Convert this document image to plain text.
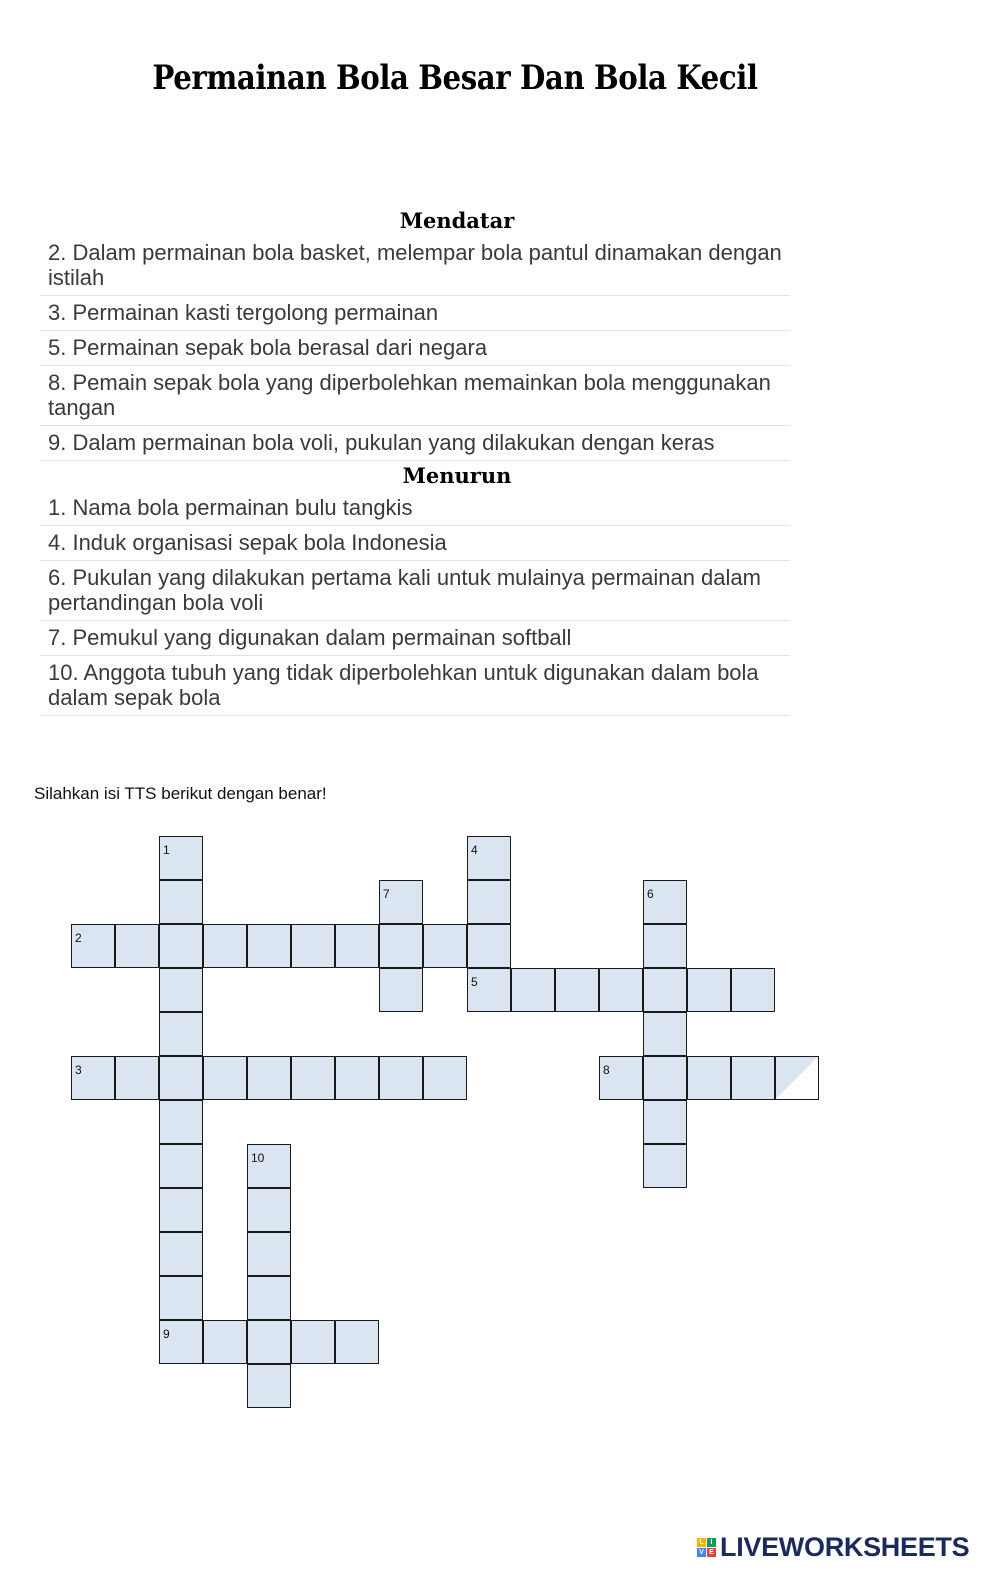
Permainan Bola Besar Dan Bola Kecil
Mendatar
2. Dalam permainan bola basket, melempar bola pantul dinamakan dengan istilah
3. Permainan kasti tergolong permainan
5. Permainan sepak bola berasal dari negara
8. Pemain sepak bola yang diperbolehkan memainkan bola menggunakan tangan
9. Dalam permainan bola voli, pukulan yang dilakukan dengan keras
Menurun
1. Nama bola permainan bulu tangkis
4. Induk organisasi sepak bola Indonesia
6. Pukulan yang dilakukan pertama kali untuk mulainya permainan dalam pertandingan bola voli
7. Pemukul yang digunakan dalam permainan softball
10. Anggota tubuh yang tidak diperbolehkan untuk digunakan dalam bola dalam sepak bola
Silahkan isi TTS berikut dengan benar!
1
9
4
7	6
2
5
3	8
10
L I
V E LIVEWORKSHEETS
